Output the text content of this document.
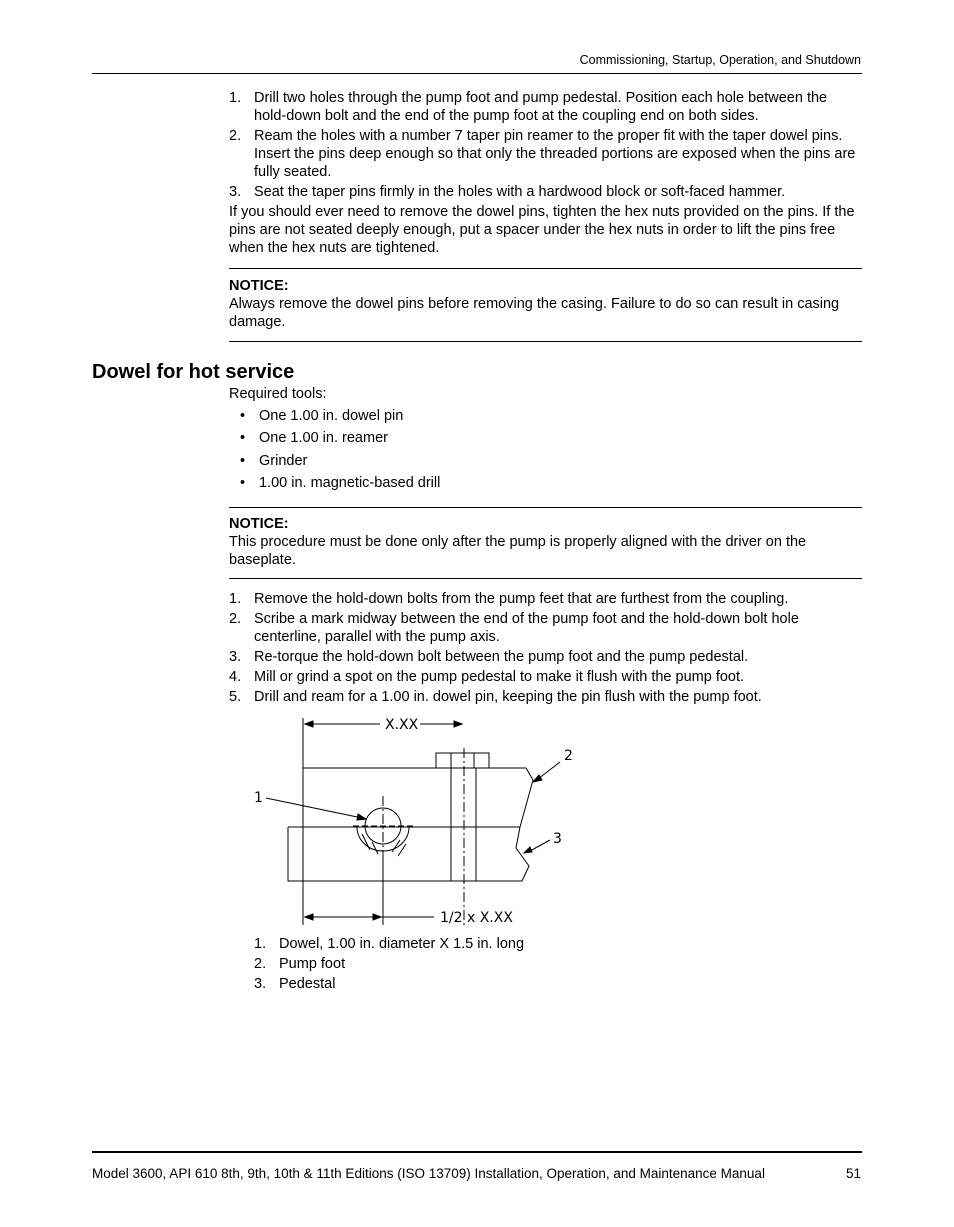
Commissioning, Startup, Operation, and Shutdown
1. Drill two holes through the pump foot and pump pedestal. Position each hole between the hold-down bolt and the end of the pump foot at the coupling end on both sides.
2. Ream the holes with a number 7 taper pin reamer to the proper fit with the taper dowel pins. Insert the pins deep enough so that only the threaded portions are exposed when the pins are fully seated.
3. Seat the taper pins firmly in the holes with a hardwood block or soft-faced hammer.

If you should ever need to remove the dowel pins, tighten the hex nuts provided on the pins. If the pins are not seated deeply enough, put a spacer under the hex nuts in order to lift the pins free when the hex nuts are tightened.

NOTICE:

Always remove the dowel pins before removing the casing. Failure to do so can result in casing damage.

Dowel for hot service

Required tools:

• One 1.00 in. dowel pin
• One 1.00 in. reamer
• Grinder
• 1.00 in. magnetic-based drill

NOTICE:

This procedure must be done only after the pump is properly aligned with the driver on the baseplate.

1. Remove the hold-down bolts from the pump feet that are furthest from the coupling.
2. Scribe a mark midway between the end of the pump foot and the hold-down bolt hole centerline, parallel with the pump axis.
3. Re-torque the hold-down bolt between the pump foot and the pump pedestal.
4. Mill or grind a spot on the pump pedestal to make it flush with the pump foot.
5. Drill and ream for a 1.00 in. dowel pin, keeping the pin flush with the pump foot.
X.XX
1/2 x X.XX
1
2
3
1. Dowel, 1.00 in. diameter X 1.5 in. long
2. Pump foot
3. Pedestal
Model 3600, API 610 8th, 9th, 10th & 11th Editions (ISO 13709) Installation, Operation, and Maintenance Manual	51
